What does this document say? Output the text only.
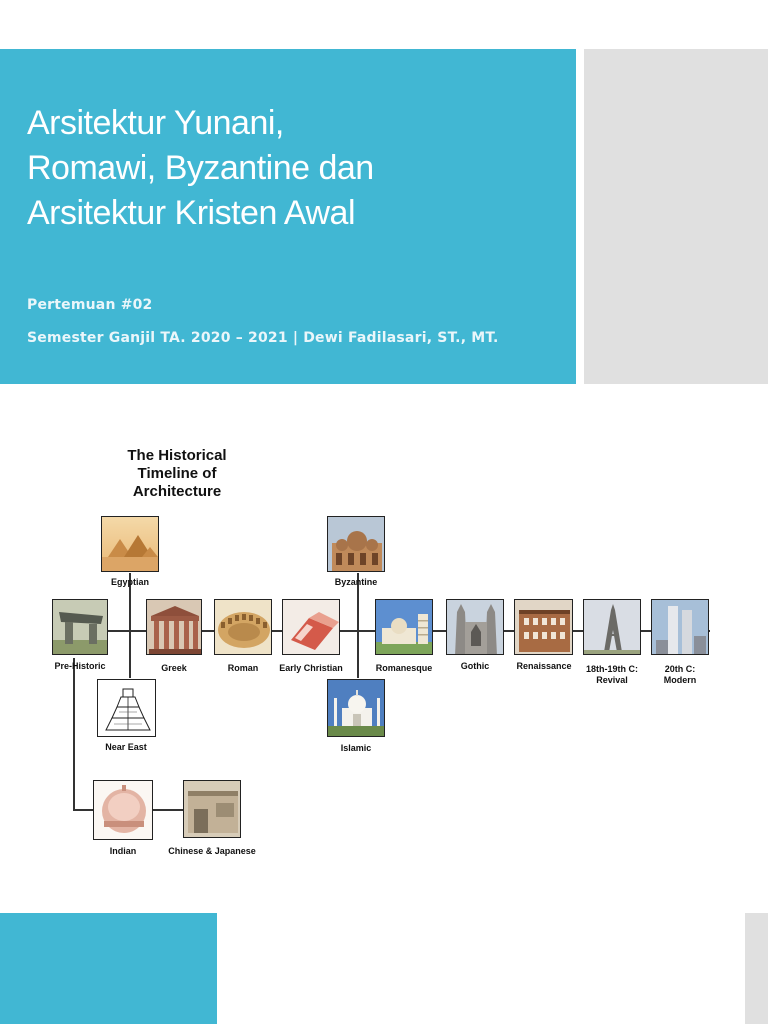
Arsitektur Yunani,
Romawi, Byzantine dan
Arsitektur Kristen Awal
Pertemuan #02
Semester Ganjil TA. 2020 – 2021 | Dewi Fadilasari, ST., MT.
The Historical
Timeline of Architecture
Egyptian	Byzantine
Pre-Historic	Greek	Roman	Early Christian	Romanesque	Gothic	Renaissance	18th-19th C:
Revival
20th C:
Modern
Near East	Islamic
Indian	Chinese & Japanese
